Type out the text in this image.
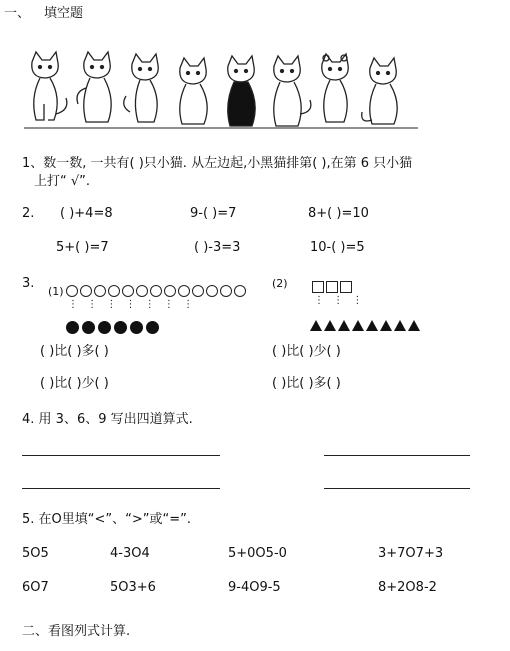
一、 填空题
1、数一数, 一共有( )只小猫. 从左边起,小黑猫排第( ),在第 6 只小猫
上打“ √”.
2. ( )+4=8	9-( )=7	8+( )=10
5+( )=7	( )-3=3	10-( )=5
3.
(1)
⋮ ⋮ ⋮ ⋮ ⋮ ⋮ ⋮
( )比( )多( )
( )比( )少( )
(2)
⋮ ⋮ ⋮
( )比( )少( )
( )比( )多( )
4. 用 3、6、9 写出四道算式.
5. 在O里填“<”、“>”或“=”.
5O5	4-3O4	5+0O5-0	3+7O7+3
6O7	5O3+6	9-4O9-5	8+2O8-2
二、看图列式计算.
